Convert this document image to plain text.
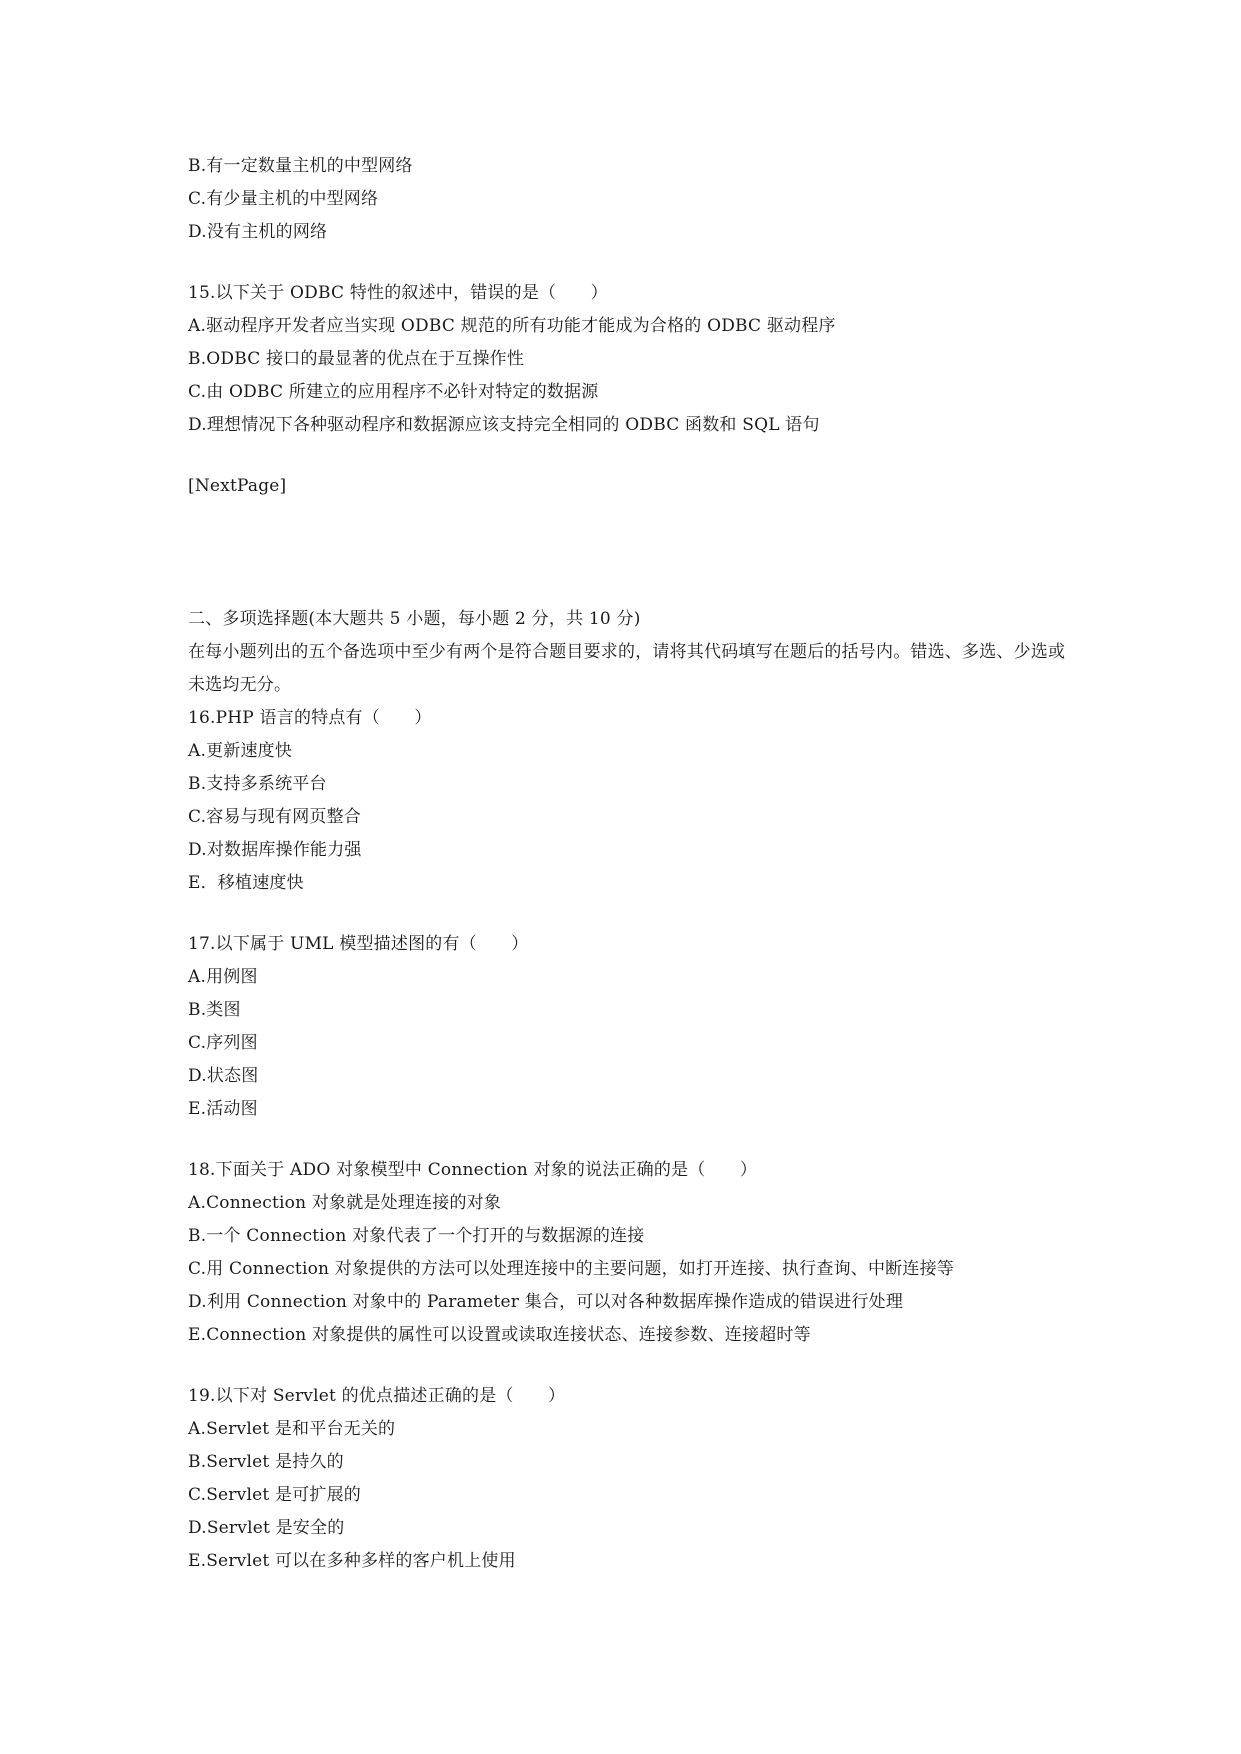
B.有一定数量主机的中型网络
C.有少量主机的中型网络
D.没有主机的网络
15.以下关于 ODBC 特性的叙述中，错误的是（　　）
A.驱动程序开发者应当实现 ODBC 规范的所有功能才能成为合格的 ODBC 驱动程序
B.ODBC 接口的最显著的优点在于互操作性
C.由 ODBC 所建立的应用程序不必针对特定的数据源
D.理想情况下各种驱动程序和数据源应该支持完全相同的 ODBC 函数和 SQL 语句
[NextPage]
二、多项选择题(本大题共 5 小题，每小题 2 分，共 10 分)
在每小题列出的五个备选项中至少有两个是符合题目要求的，请将其代码填写在题后的括号内。错选、多选、少选或未选均无分。
16.PHP 语言的特点有（　　）
A.更新速度快
B.支持多系统平台
C.容易与现有网页整合
D.对数据库操作能力强
E．移植速度快
17.以下属于 UML 模型描述图的有（　　）
A.用例图
B.类图
C.序列图
D.状态图
E.活动图
18.下面关于 ADO 对象模型中 Connection 对象的说法正确的是（　　）
A.Connection 对象就是处理连接的对象
B.一个 Connection 对象代表了一个打开的与数据源的连接
C.用 Connection 对象提供的方法可以处理连接中的主要问题，如打开连接、执行查询、中断连接等
D.利用 Connection 对象中的 Parameter 集合，可以对各种数据库操作造成的错误进行处理
E.Connection 对象提供的属性可以设置或读取连接状态、连接参数、连接超时等
19.以下对 Servlet 的优点描述正确的是（　　）
A.Servlet 是和平台无关的
B.Servlet 是持久的
C.Servlet 是可扩展的
D.Servlet 是安全的
E.Servlet 可以在多种多样的客户机上使用
